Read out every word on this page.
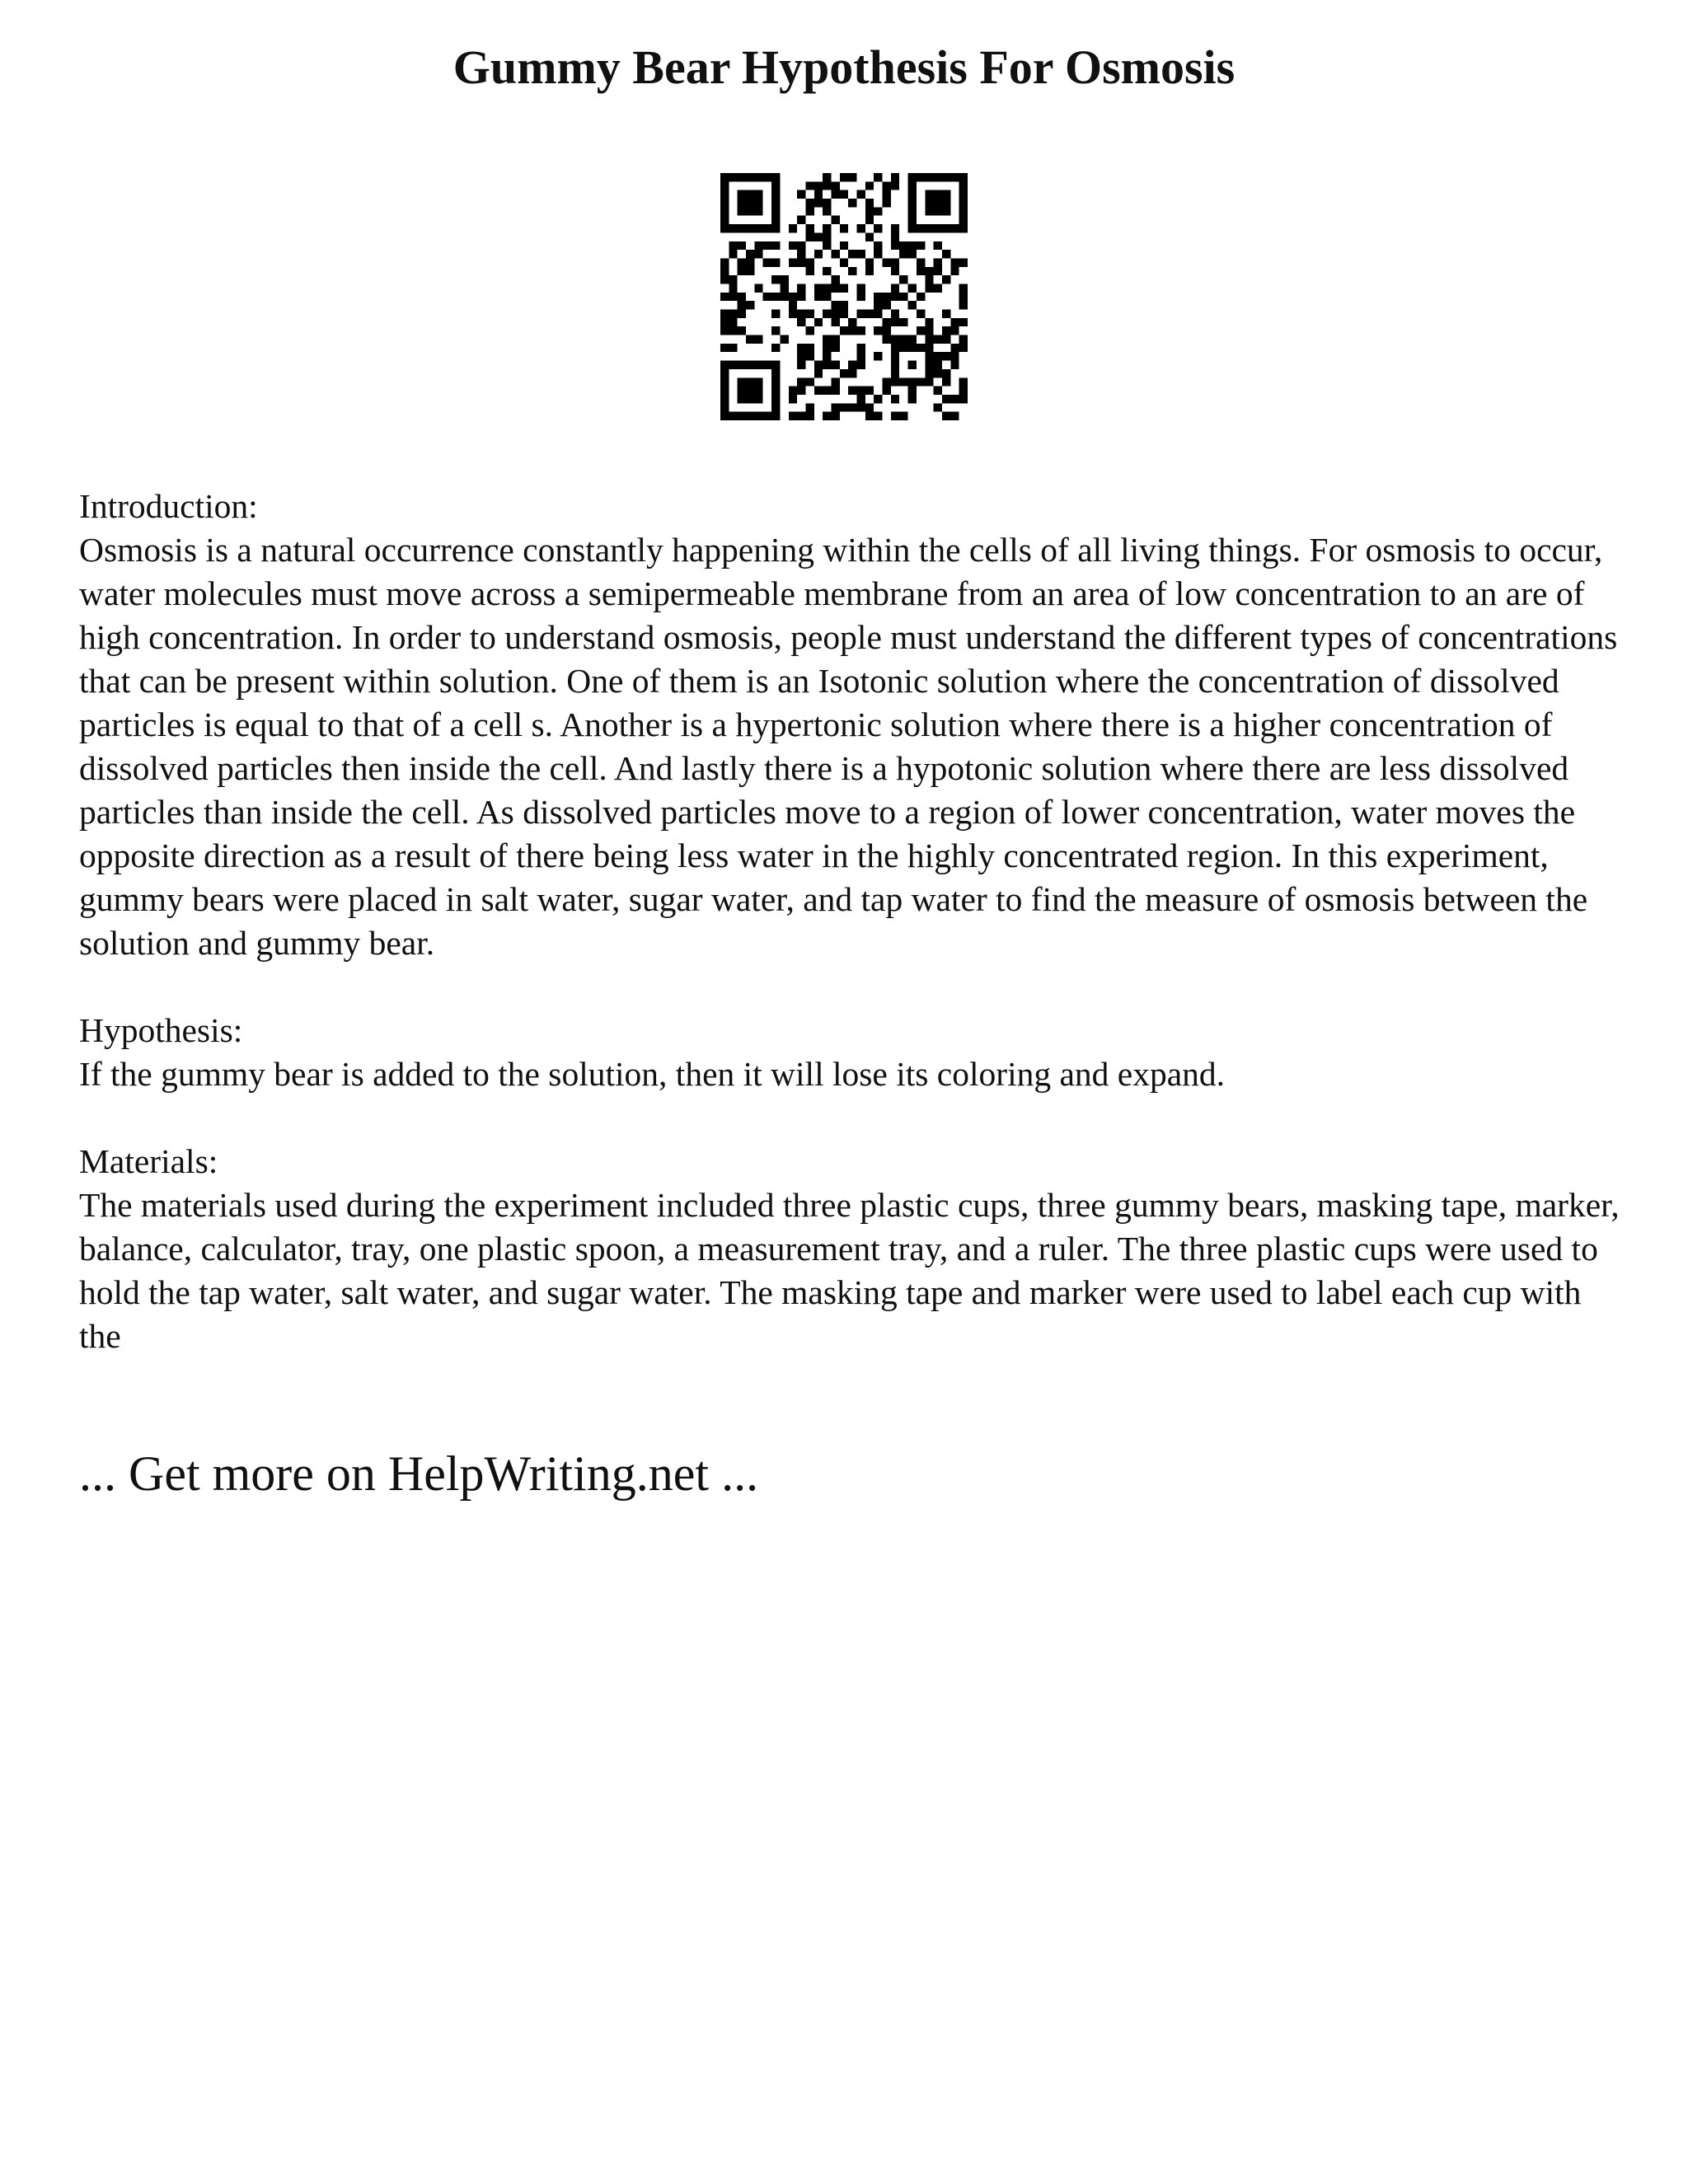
Gummy Bear Hypothesis For Osmosis

Introduction:

Osmosis is a natural occurrence constantly happening within the cells of all living things. For osmosis to occur, water molecules must move across a semipermeable membrane from an area of low concentration to an are of high concentration. In order to understand osmosis, people must understand the different types of concentrations that can be present within solution. One of them is an Isotonic solution where the concentration of dissolved particles is equal to that of a cell s. Another is a hypertonic solution where there is a higher concentration of dissolved particles then inside the cell. And lastly there is a hypotonic solution where there are less dissolved particles than inside the cell. As dissolved particles move to a region of lower concentration, water moves the opposite direction as a result of there being less water in the highly concentrated region. In this experiment, gummy bears were placed in salt water, sugar water, and tap water to find the measure of osmosis between the solution and gummy bear.

Hypothesis:

If the gummy bear is added to the solution, then it will lose its coloring and expand.

Materials:

The materials used during the experiment included three plastic cups, three gummy bears, masking tape, marker, balance, calculator, tray, one plastic spoon, a measurement tray, and a ruler. The three plastic cups were used to hold the tap water, salt water, and sugar water. The masking tape and marker were used to label each cup with the

... Get more on HelpWriting.net ...
